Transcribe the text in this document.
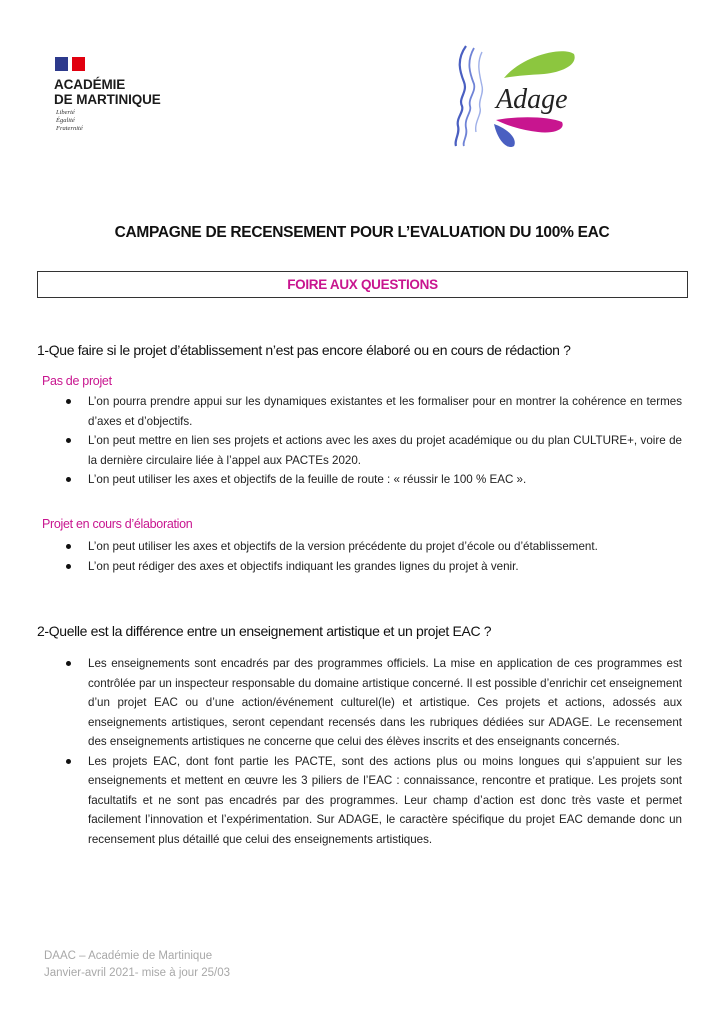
ACADÉMIE
DE MARTINIQUE
Liberté
Égalité
Fraternité
Adage
CAMPAGNE DE RECENSEMENT POUR L’EVALUATION DU 100% EAC
FOIRE AUX QUESTIONS
1-Que faire si le projet d’établissement n’est pas encore élaboré ou en cours de rédaction ?
Pas de projet
L’on pourra prendre appui sur les dynamiques existantes et les formaliser pour en montrer la cohérence en termes d’axes et d’objectifs.
L’on peut mettre en lien ses projets et actions avec les axes du projet académique ou du plan CULTURE+, voire de la dernière circulaire liée à l’appel aux PACTEs 2020.
L’on peut utiliser les axes et objectifs de la feuille de route : « réussir le 100 % EAC ».
Projet en cours d’élaboration
L’on peut utiliser les axes et objectifs de la version précédente du projet d’école ou d’établissement.
L’on peut rédiger des axes et objectifs indiquant les grandes lignes du projet à venir.
2-Quelle est la différence entre un enseignement artistique et un projet EAC ?
Les enseignements sont encadrés par des programmes officiels. La mise en application de ces programmes est contrôlée par un inspecteur responsable du domaine artistique concerné. Il est possible d’enrichir cet enseignement d’un projet EAC ou d’une action/événement culturel(le) et artistique. Ces projets et actions, adossés aux enseignements artistiques, seront cependant recensés dans les rubriques dédiées sur ADAGE. Le recensement des enseignements artistiques ne concerne que celui des élèves inscrits et des enseignants concernés.
Les projets EAC, dont font partie les PACTE, sont des actions plus ou moins longues qui s’appuient sur les enseignements et mettent en œuvre les 3 piliers de l’EAC : connaissance, rencontre et pratique. Les projets sont facultatifs et ne sont pas encadrés par des programmes. Leur champ d’action est donc très vaste et permet facilement l’innovation et l’expérimentation. Sur ADAGE, le caractère spécifique du projet EAC demande donc un recensement plus détaillé que celui des enseignements artistiques.
DAAC – Académie de Martinique
Janvier-avril 2021- mise à jour 25/03
